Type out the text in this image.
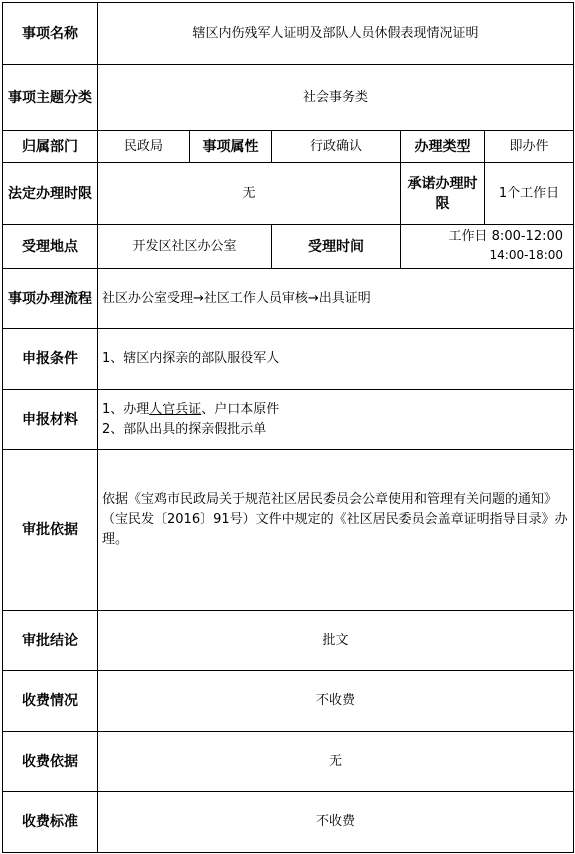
事项名称	辖区内伤残军人证明及部队人员休假表现情况证明				
事项主题分类	社会事务类				
归属部门	民政局	事项属性	行政确认	办理类型	即办件
法定办理时限	无			承诺办理时限	1个工作日
受理地点	开发区社区办公室		受理时间	工作日 8:00-12:00
14:00-18:00	

事项办理流程	社区办公室受理→社区工作人员审核→出具证明				
申报条件	1、辖区内探亲的部队服役军人				
申报材料	1、办理人官兵证、户口本原件
2、部队出具的探亲假批示单				

审批依据	依据《宝鸡市民政局关于规范社区居民委员会公章使用和管理有关问题的通知》（宝民发〔2016〕91号）文件中规定的《社区居民委员会盖章证明指导目录》办理。				
审批结论	批文				
收费情况	不收费				
收费依据	无				
收费标准	不收费				
